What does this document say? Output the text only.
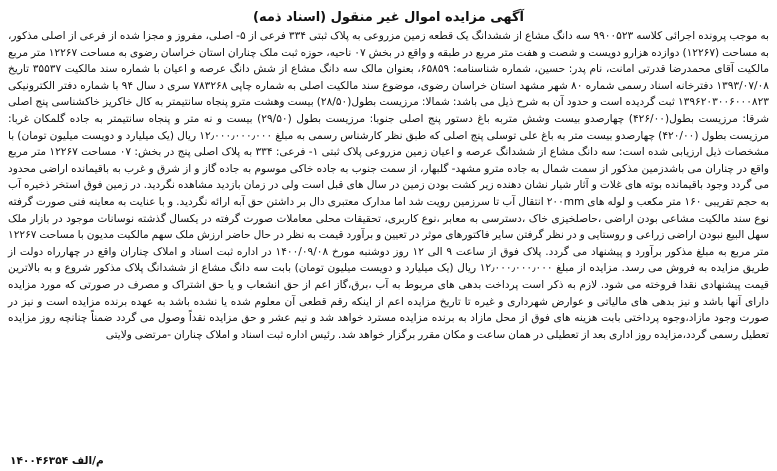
آگهی مزایده اموال غیر منقول (اسناد ذمه)

به موجب پرونده اجرائی کلاسه ۹۹۰۰۵۲۳ سه دانگ مشاع از ششدانگ یک قطعه زمین مزروعی به پلاک ثبتی ۳۳۴ فرعی از ۵- اصلی، مفروز و مجزا شده از فرعی از اصلی مذکور، به مساحت (۱۲۲۶۷) دوازده هزارو دویست و شصت و هفت متر مربع در طبقه و واقع در بخش ۰۷ ناحیه، حوزه ثبت ملک چناران استان خراسان رضوی به مساحت ۱۲۲۶۷ متر مربع مالکیت آقای محمدرضا قدرتی امانت، نام پدر: حسین، شماره شناسنامه: ۶۵۸۵۹، بعنوان مالک سه دانگ مشاع از شش دانگ عرصه و اعیان با شماره سند مالکیت ۳۵۵۳۷ تاریخ ۱۳۹۳/۰۷/۰۸ دفترخانه اسناد رسمی شماره ۸۰ شهر مشهد استان خراسان رضوی، موضوع سند مالکیت اصلی به شماره چاپی ۷۸۳۲۶۸ سری د سال ۹۴ با شماره دفتر الکترونیکی ۱۳۹۶۲۰۳۰۰۶۰۰۰۸۲۳ ثبت گردیده است و حدود آن به شرح ذیل می باشد: شمالا: مرزیست بطول(۲۸/۵۰) بیست وهشت مترو پنجاه سانتیمتر به کال خاکریز خاکشناسی پنج اصلی شرقا: مرزیست بطول(۴۲۶/۰۰) چهارصدو بیست وشش متربه باغ دستور پنج اصلی جنوبا: مرزیست بطول (۲۹/۵۰) بیست و نه متر و پنجاه سانتیمتر به جاده گلمکان غربا: مرزیست بطول (۴۲۰/۰۰) چهارصدو بیست متر به باغ علی توسلی پنج اصلی که طبق نظر کارشناس رسمی به مبلغ ۱۲٫۰۰۰٫۰۰۰٫۰۰۰ ریال (یک میلیارد و دویست میلیون تومان) با مشخصات ذیل ارزیابی شده است: سه دانگ مشاع از ششدانگ عرصه و اعیان زمین مزروعی پلاک ثبتی ۱- فرعی: ۳۳۴ به پلاک اصلی پنج در بخش: ۰۷ مساحت ۱۲۲۶۷ متر مربع واقع در چناران می باشدزمین مذکور از سمت شمال به جاده مترو مشهد- گلبهار، از سمت جنوب به جاده خاکی موسوم به جاده گاز و از شرق و غرب به باقیمانده اراضی محدود می گردد وجود باقیمانده بوته های غلات و آثار شیار نشان دهنده زیر کشت بودن زمین در سال های قبل است ولی در زمان بازدید مشاهده نگردید. در زمین فوق استخر ذخیره آب به حجم تقریبی ۱۶۰ متر مکعب و لوله های ۲۰۰mm انتقال آب تا سرزمین رویت شد اما مدارک معتبری دال بر داشتن حق آبه ارائه نگردید. و با عنایت به معاینه فنی صورت گرفته نوع سند مالکیت مشاعی بودن اراضی ،حاصلخیزی خاک ،دسترسی به معابر ،نوع کاربری، تحقیقات محلی معاملات صورت گرفته در یکسال گذشته نوسانات موجود در بازار ملک سهل البیع نبودن اراضی زراعی و روستایی و در نظر گرفتن سایر فاکتورهای موثر در تعیین و برآورد قیمت به نظر در حال حاضر ارزش ملک سهم مالکیت مدیون با مساحت ۱۲۲۶۷ متر مربع به مبلغ مذکور برآورد و پیشنهاد می گردد. پلاک فوق از ساعت ۹ الی ۱۲ روز دوشنبه مورخ ۱۴۰۰/۰۹/۰۸ در اداره ثبت اسناد و املاک چناران واقع در چهارراه دولت از طریق مزایده به فروش می رسد. مزایده از مبلغ ۱۲٫۰۰۰٫۰۰۰٫۰۰۰ ریال (یک میلیارد و دویست میلیون تومان) بابت سه دانگ مشاع از ششدانگ پلاک مذکور شروع و به بالاترین قیمت پیشنهادی نقدا فروخته می شود. لازم به ذکر است پرداخت بدهی های مربوط به آب ،برق،گاز اعم از حق انشعاب و یا حق اشتراک و مصرف در صورتی که مورد مزایده دارای آنها باشد و نیز بدهی های مالیاتی و عوارض شهرداری و غیره تا تاریخ مزایده اعم از اینکه رقم قطعی آن معلوم شده یا نشده باشد به عهده برنده مزایده است و نیز در صورت وجود مازاد،وجوه پرداختی بابت هزینه های فوق از محل مازاد به برنده مزایده مسترد خواهد شد و نیم عشر و حق مزایده نقداً وصول می گردد ضمناً چنانچه روز مزایده تعطیل رسمی گردد،مزایده روز اداری بعد از تعطیلی در همان ساعت و مکان مقرر برگزار خواهد شد. رئیس اداره ثبت اسناد و املاک چناران -مرتضی ولایتی

م/الف ۱۴۰۰۴۶۳۵۴
